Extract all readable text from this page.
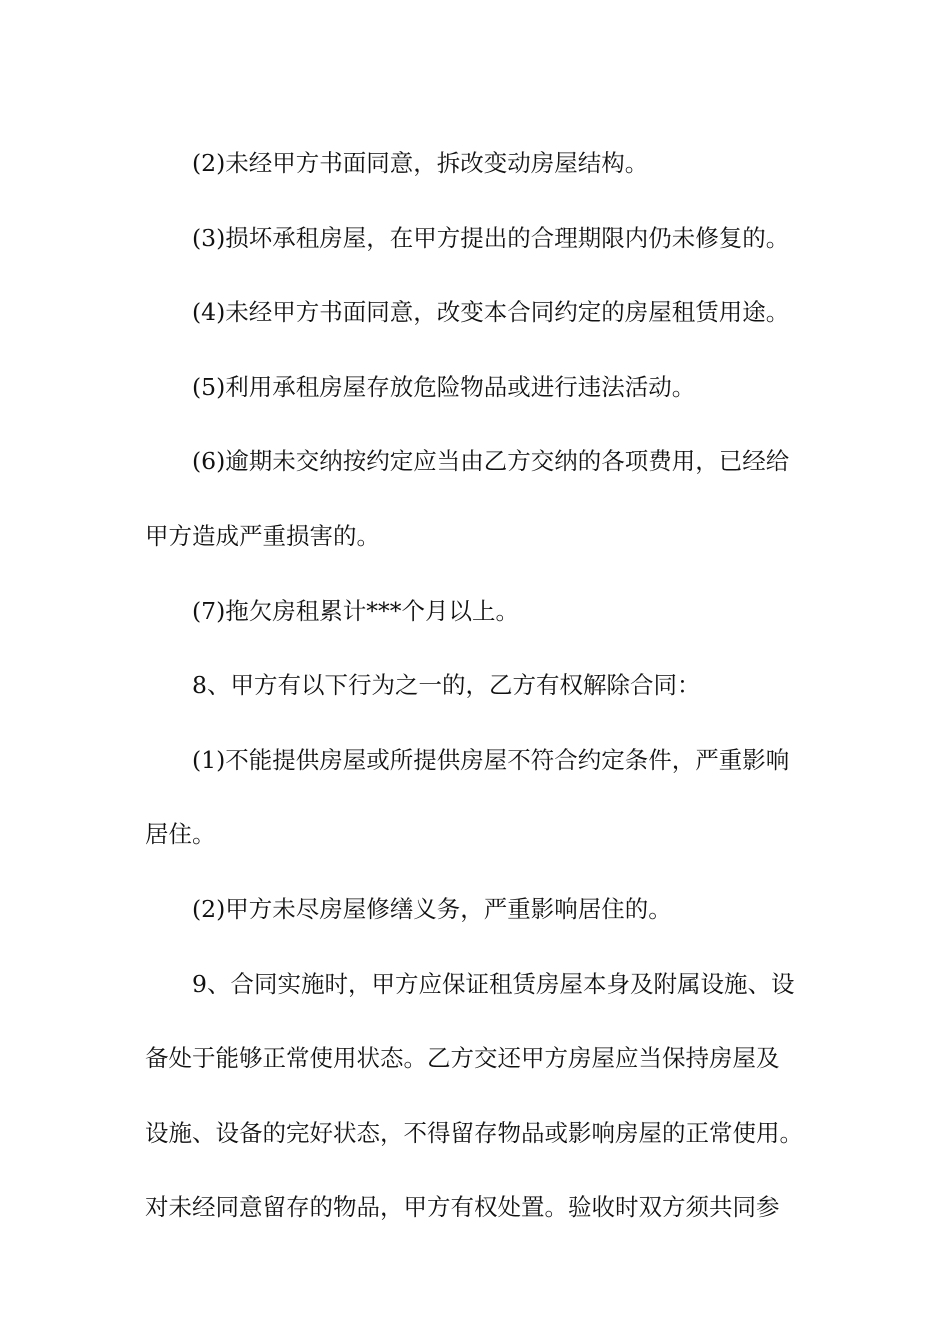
(2)未经甲方书面同意，拆改变动房屋结构。
(3)损坏承租房屋，在甲方提出的合理期限内仍未修复的。
(4)未经甲方书面同意，改变本合同约定的房屋租赁用途。
(5)利用承租房屋存放危险物品或进行违法活动。
(6)逾期未交纳按约定应当由乙方交纳的各项费用，已经给
甲方造成严重损害的。
(7)拖欠房租累计***个月以上。
8、甲方有以下行为之一的，乙方有权解除合同：
(1)不能提供房屋或所提供房屋不符合约定条件，严重影响
居住。
(2)甲方未尽房屋修缮义务，严重影响居住的。
9、合同实施时，甲方应保证租赁房屋本身及附属设施、设
备处于能够正常使用状态。乙方交还甲方房屋应当保持房屋及
设施、设备的完好状态，不得留存物品或影响房屋的正常使用。
对未经同意留存的物品，甲方有权处置。验收时双方须共同参
